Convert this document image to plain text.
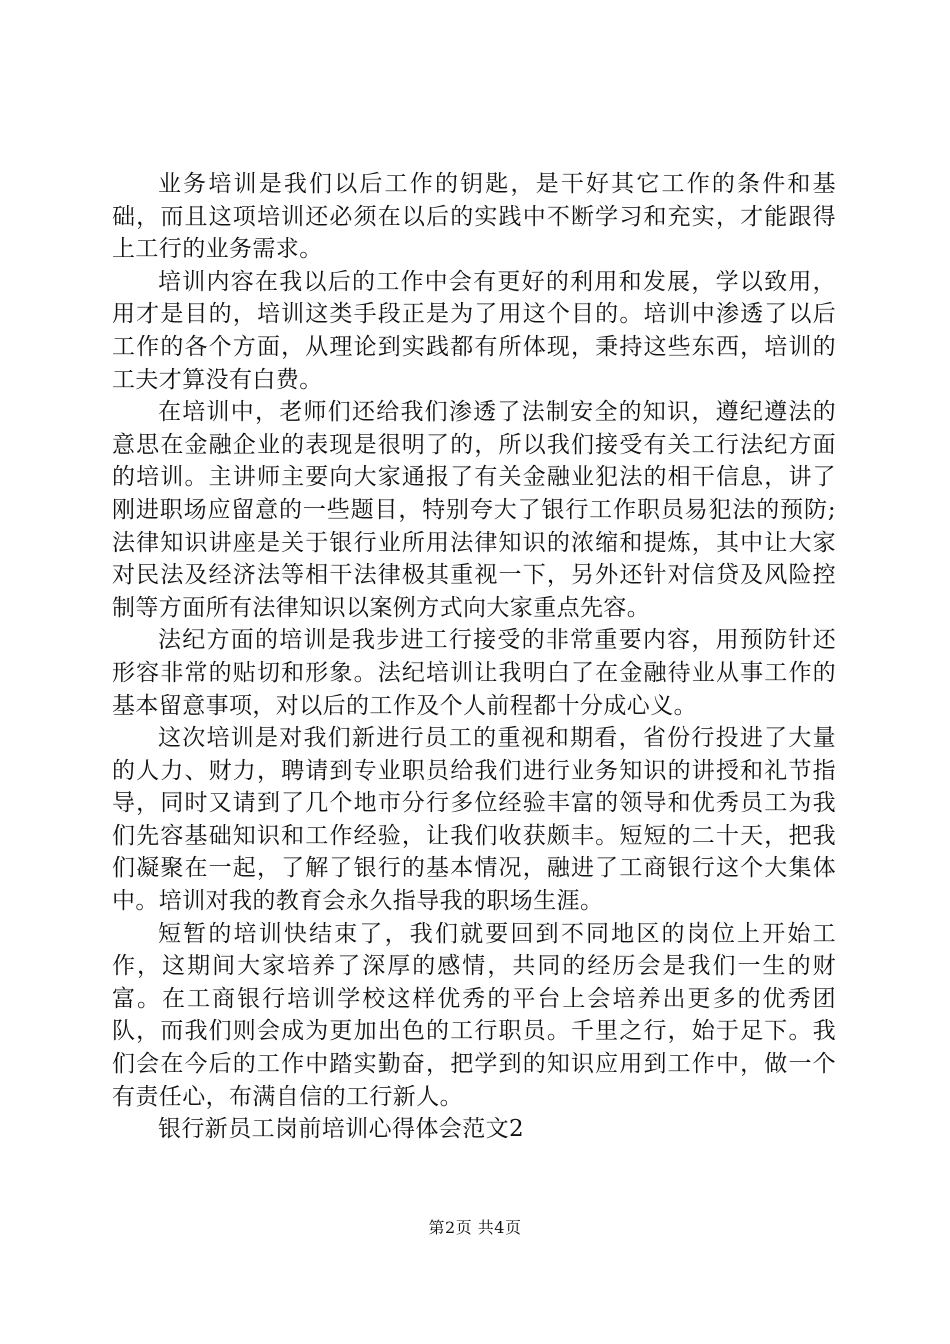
业务培训是我们以后工作的钥匙，是干好其它工作的条件和基础，而且这项培训还必须在以后的实践中不断学习和充实，才能跟得上工行的业务需求。

培训内容在我以后的工作中会有更好的利用和发展，学以致用，用才是目的，培训这类手段正是为了用这个目的。培训中渗透了以后工作的各个方面，从理论到实践都有所体现，秉持这些东西，培训的工夫才算没有白费。

在培训中，老师们还给我们渗透了法制安全的知识，遵纪遵法的意思在金融企业的表现是很明了的，所以我们接受有关工行法纪方面的培训。主讲师主要向大家通报了有关金融业犯法的相干信息，讲了刚进职场应留意的一些题目，特别夸大了银行工作职员易犯法的预防;法律知识讲座是关于银行业所用法律知识的浓缩和提炼，其中让大家对民法及经济法等相干法律极其重视一下，另外还针对信贷及风险控制等方面所有法律知识以案例方式向大家重点先容。

法纪方面的培训是我步进工行接受的非常重要内容，用预防针还形容非常的贴切和形象。法纪培训让我明白了在金融待业从事工作的基本留意事项，对以后的工作及个人前程都十分成心义。

这次培训是对我们新进行员工的重视和期看，省份行投进了大量的人力、财力，聘请到专业职员给我们进行业务知识的讲授和礼节指导，同时又请到了几个地市分行多位经验丰富的领导和优秀员工为我们先容基础知识和工作经验，让我们收获颇丰。短短的二十天，把我们凝聚在一起，了解了银行的基本情况，融进了工商银行这个大集体中。培训对我的教育会永久指导我的职场生涯。

短暂的培训快结束了，我们就要回到不同地区的岗位上开始工作，这期间大家培养了深厚的感情，共同的经历会是我们一生的财富。在工商银行培训学校这样优秀的平台上会培养出更多的优秀团队，而我们则会成为更加出色的工行职员。千里之行，始于足下。我们会在今后的工作中踏实勤奋，把学到的知识应用到工作中，做一个有责任心，布满自信的工行新人。

银行新员工岗前培训心得体会范文2

第2页 共4页
